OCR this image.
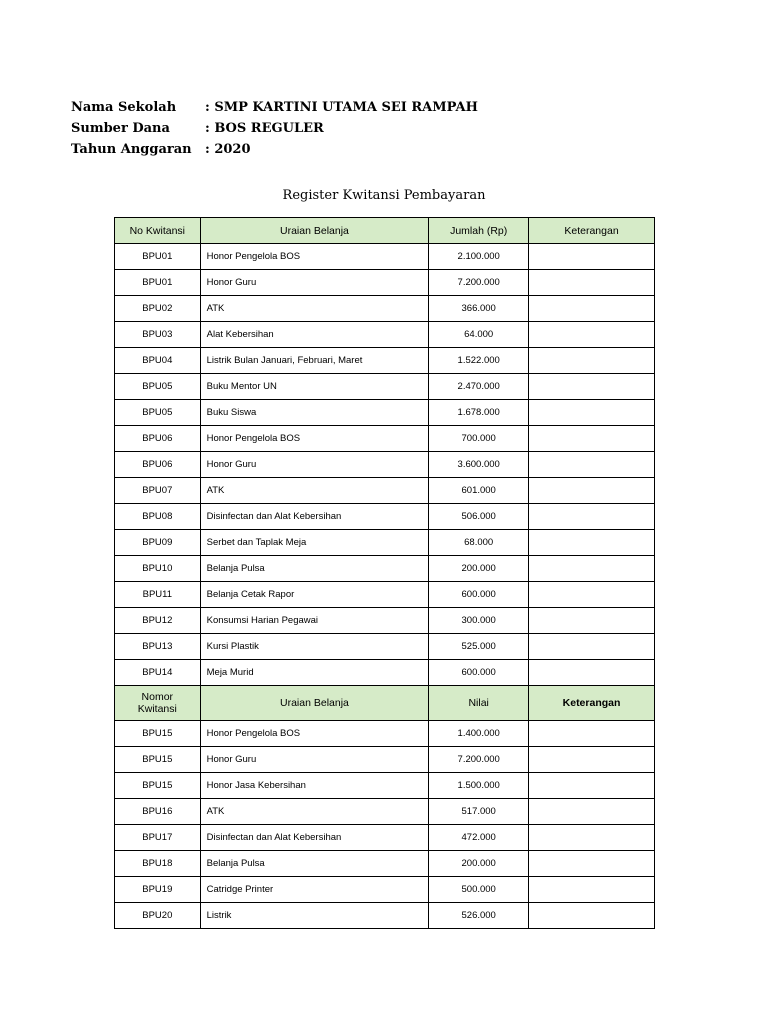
Nama Sekolah	: SMP KARTINI UTAMA SEI RAMPAH
Sumber Dana	: BOS REGULER
Tahun Anggaran	: 2020
Register Kwitansi Pembayaran
No Kwitansi	Uraian Belanja	Jumlah (Rp)	Keterangan
BPU01	Honor Pengelola BOS	2.100.000	
BPU01	Honor Guru	7.200.000	
BPU02	ATK	366.000	
BPU03	Alat Kebersihan	64.000	
BPU04	Listrik Bulan Januari, Februari, Maret	1.522.000	
BPU05	Buku Mentor UN	2.470.000	
BPU05	Buku Siswa	1.678.000	
BPU06	Honor Pengelola BOS	700.000	
BPU06	Honor Guru	3.600.000	
BPU07	ATK	601.000	
BPU08	Disinfectan dan Alat Kebersihan	506.000	
BPU09	Serbet dan Taplak Meja	68.000	
BPU10	Belanja Pulsa	200.000	
BPU11	Belanja Cetak Rapor	600.000	
BPU12	Konsumsi Harian Pegawai	300.000	
BPU13	Kursi Plastik	525.000	
BPU14	Meja Murid	600.000	
Nomor Kwitansi	Uraian Belanja	Nilai	Keterangan
BPU15	Honor Pengelola BOS	1.400.000	
BPU15	Honor Guru	7.200.000	
BPU15	Honor Jasa Kebersihan	1.500.000	
BPU16	ATK	517.000	
BPU17	Disinfectan dan Alat Kebersihan	472.000	
BPU18	Belanja Pulsa	200.000	
BPU19	Catridge Printer	500.000	
BPU20	Listrik	526.000	
